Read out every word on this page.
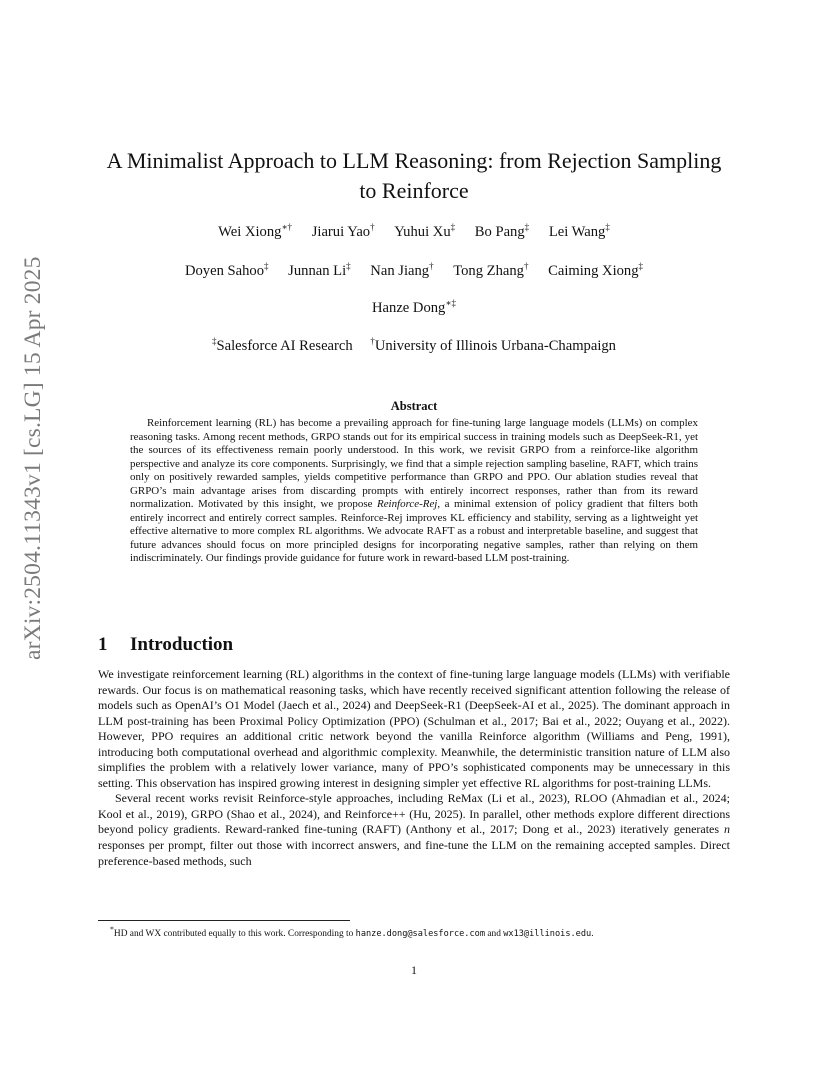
arXiv:2504.11343v1 [cs.LG] 15 Apr 2025
A Minimalist Approach to LLM Reasoning: from Rejection Sampling to Reinforce
Wei Xiong∗† Jiarui Yao† Yuhui Xu‡ Bo Pang‡ Lei Wang‡
Doyen Sahoo‡ Junnan Li‡ Nan Jiang† Tong Zhang† Caiming Xiong‡
Hanze Dong∗‡
‡Salesforce AI Research †University of Illinois Urbana-Champaign
Abstract

Reinforcement learning (RL) has become a prevailing approach for fine-tuning large language models (LLMs) on complex reasoning tasks. Among recent methods, GRPO stands out for its empirical success in training models such as DeepSeek-R1, yet the sources of its effectiveness remain poorly understood. In this work, we revisit GRPO from a reinforce-like algorithm perspective and analyze its core components. Surprisingly, we find that a simple rejection sampling baseline, RAFT, which trains only on positively rewarded samples, yields competitive performance than GRPO and PPO. Our ablation studies reveal that GRPO’s main advantage arises from discarding prompts with entirely incorrect responses, rather than from its reward normalization. Motivated by this insight, we propose Reinforce-Rej, a minimal extension of policy gradient that filters both entirely incorrect and entirely correct samples. Reinforce-Rej improves KL efficiency and stability, serving as a lightweight yet effective alternative to more complex RL algorithms. We advocate RAFT as a robust and interpretable baseline, and suggest that future advances should focus on more principled designs for incorporating negative samples, rather than relying on them indiscriminately. Our findings provide guidance for future work in reward-based LLM post-training.

1 Introduction

We investigate reinforcement learning (RL) algorithms in the context of fine-tuning large language models (LLMs) with verifiable rewards. Our focus is on mathematical reasoning tasks, which have recently received significant attention following the release of models such as OpenAI’s O1 Model (Jaech et al., 2024) and DeepSeek-R1 (DeepSeek-AI et al., 2025). The dominant approach in LLM post-training has been Proximal Policy Optimization (PPO) (Schulman et al., 2017; Bai et al., 2022; Ouyang et al., 2022). However, PPO requires an additional critic network beyond the vanilla Reinforce algorithm (Williams and Peng, 1991), introducing both computational overhead and algorithmic complexity. Meanwhile, the deterministic transition nature of LLM also simplifies the problem with a relatively lower variance, many of PPO’s sophisticated components may be unnecessary in this setting. This observation has inspired growing interest in designing simpler yet effective RL algorithms for post-training LLMs.

Several recent works revisit Reinforce-style approaches, including ReMax (Li et al., 2023), RLOO (Ahmadian et al., 2024; Kool et al., 2019), GRPO (Shao et al., 2024), and Reinforce++ (Hu, 2025). In parallel, other methods explore different directions beyond policy gradients. Reward-ranked fine-tuning (RAFT) (Anthony et al., 2017; Dong et al., 2023) iteratively generates n responses per prompt, filter out those with incorrect answers, and fine-tune the LLM on the remaining accepted samples. Direct preference-based methods, such

*HD and WX contributed equally to this work. Corresponding to hanze.dong@salesforce.com and wx13@illinois.edu.
1
